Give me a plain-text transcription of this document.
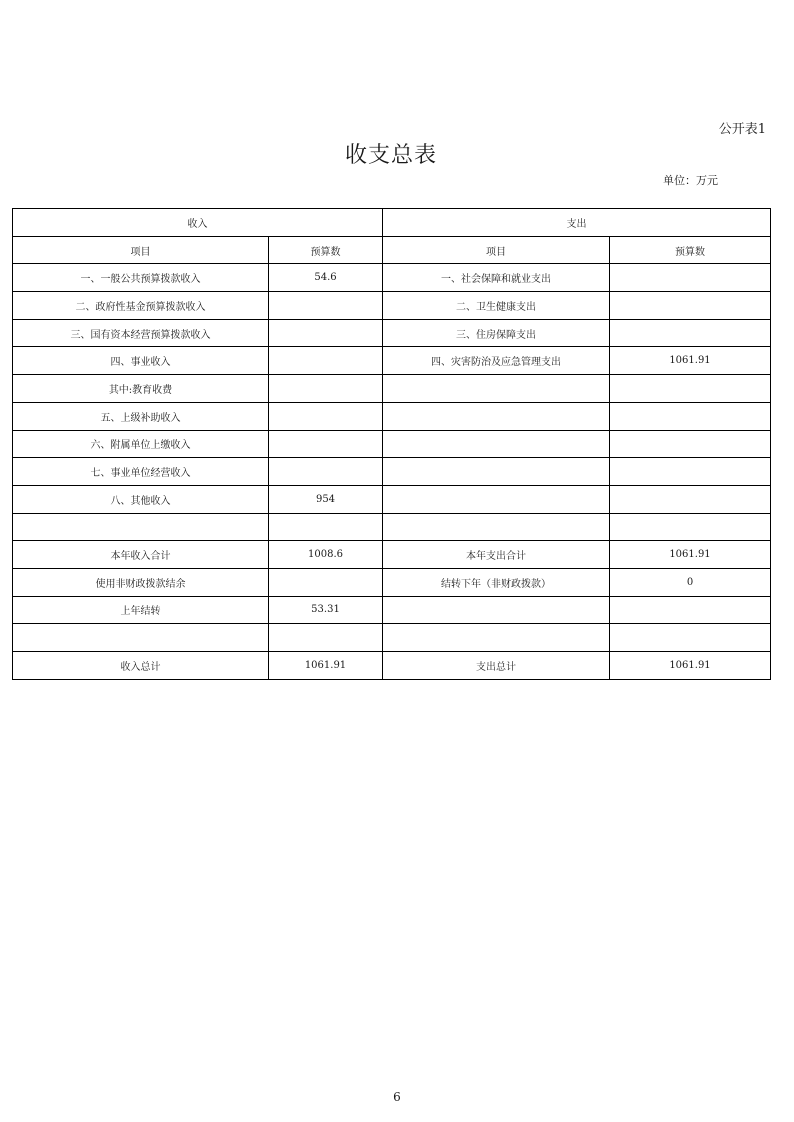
公开表1
收支总表
单位：万元
收入		支出	
项目	预算数	项目	预算数
一、一般公共预算拨款收入	54.6	一、社会保障和就业支出	
二、政府性基金预算拨款收入		二、卫生健康支出	
三、国有资本经营预算拨款收入		三、住房保障支出	
四、事业收入		四、灾害防治及应急管理支出	1061.91
其中:教育收费			
五、上级补助收入			
六、附属单位上缴收入			
七、事业单位经营收入			
八、其他收入	954		

本年收入合计	1008.6	本年支出合计	1061.91
使用非财政拨款结余		结转下年（非财政拨款）	0
上年结转	53.31		

收入总计	1061.91	支出总计	1061.91
6
